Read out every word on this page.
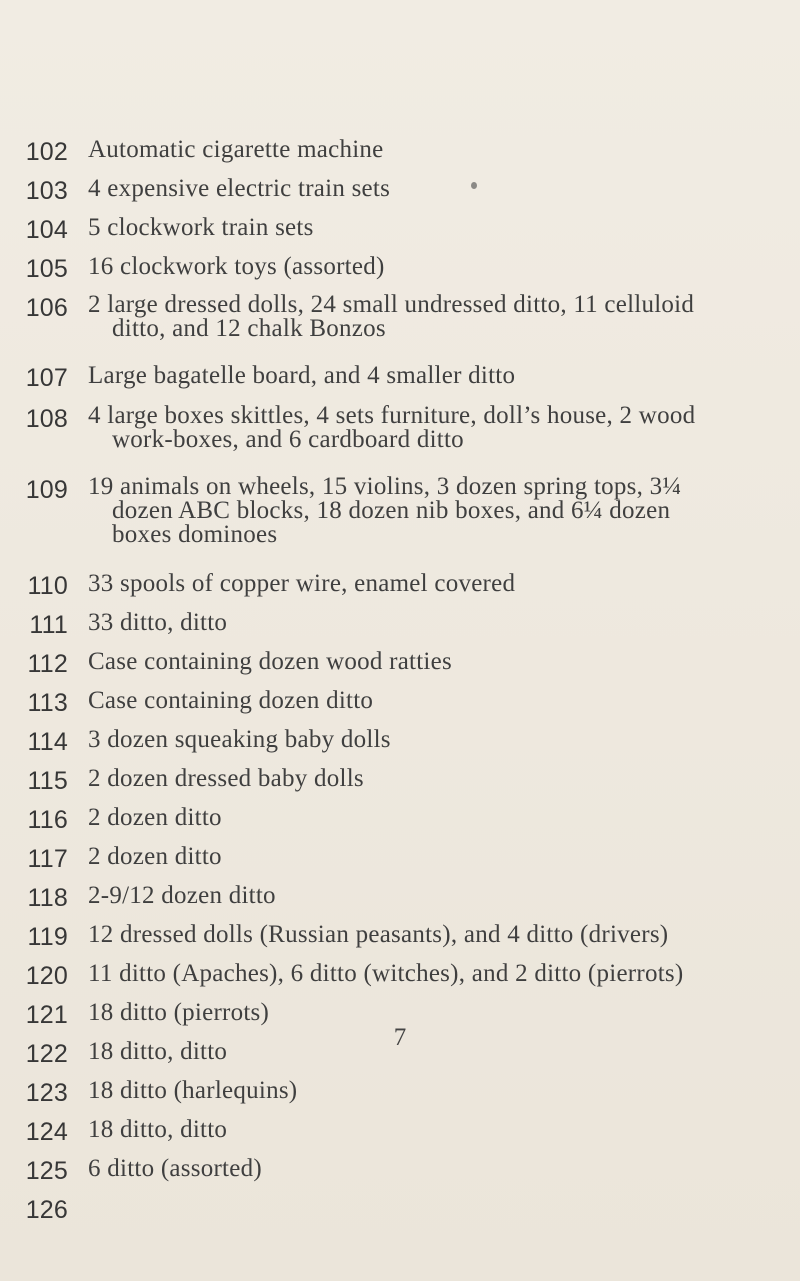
102 Automatic cigarette machine
103 4 expensive electric train sets
104 5 clockwork train sets
105 16 clockwork toys (assorted)
106 2 large dressed dolls, 24 small undressed ditto, 11 celluloid
ditto, and 12 chalk Bonzos
107 Large bagatelle board, and 4 smaller ditto
108 4 large boxes skittles, 4 sets furniture, doll’s house, 2 wood
work-boxes, and 6 cardboard ditto
109 19 animals on wheels, 15 violins, 3 dozen spring tops, 3¼
dozen ABC blocks, 18 dozen nib boxes, and 6¼ dozen
boxes dominoes
110 33 spools of copper wire, enamel covered
111 33 ditto, ditto
112 Case containing dozen wood ratties
113 Case containing dozen ditto
114 3 dozen squeaking baby dolls
115 2 dozen dressed baby dolls
116 2 dozen ditto
117 2 dozen ditto
118 2-9/12 dozen ditto
119 12 dressed dolls (Russian peasants), and 4 ditto (drivers)
120 11 ditto (Apaches), 6 ditto (witches), and 2 ditto (pierrots)
121 18 ditto (pierrots)
122 18 ditto, ditto
123 18 ditto (harlequins)
124 18 ditto, ditto
125 6 ditto (assorted)
126
7
